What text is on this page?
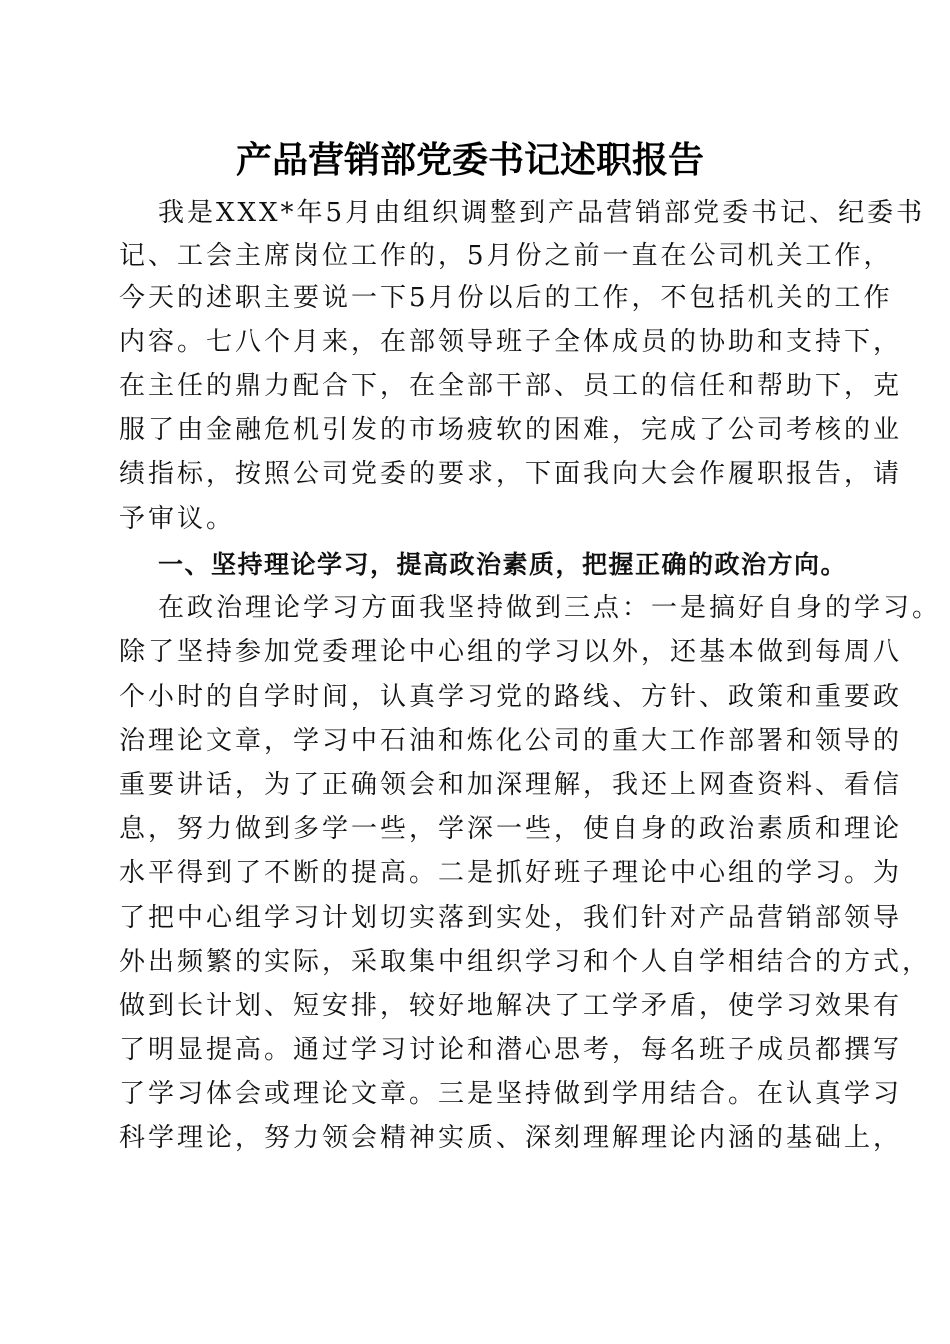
产品营销部党委书记述职报告
我是XXX*年5月由组织调整到产品营销部党委书记、纪委书
记、工会主席岗位工作的，5月份之前一直在公司机关工作，
今天的述职主要说一下5月份以后的工作，不包括机关的工作
内容。七八个月来，在部领导班子全体成员的协助和支持下，
在主任的鼎力配合下，在全部干部、员工的信任和帮助下，克
服了由金融危机引发的市场疲软的困难，完成了公司考核的业
绩指标，按照公司党委的要求，下面我向大会作履职报告，请
予审议。
一、坚持理论学习，提高政治素质，把握正确的政治方向。
在政治理论学习方面我坚持做到三点：一是搞好自身的学习。
除了坚持参加党委理论中心组的学习以外，还基本做到每周八
个小时的自学时间，认真学习党的路线、方针、政策和重要政
治理论文章，学习中石油和炼化公司的重大工作部署和领导的
重要讲话，为了正确领会和加深理解，我还上网查资料、看信
息，努力做到多学一些，学深一些，使自身的政治素质和理论
水平得到了不断的提高。二是抓好班子理论中心组的学习。为
了把中心组学习计划切实落到实处，我们针对产品营销部领导
外出频繁的实际，采取集中组织学习和个人自学相结合的方式，
做到长计划、短安排，较好地解决了工学矛盾，使学习效果有
了明显提高。通过学习讨论和潜心思考，每名班子成员都撰写
了学习体会或理论文章。三是坚持做到学用结合。在认真学习
科学理论，努力领会精神实质、深刻理解理论内涵的基础上，
